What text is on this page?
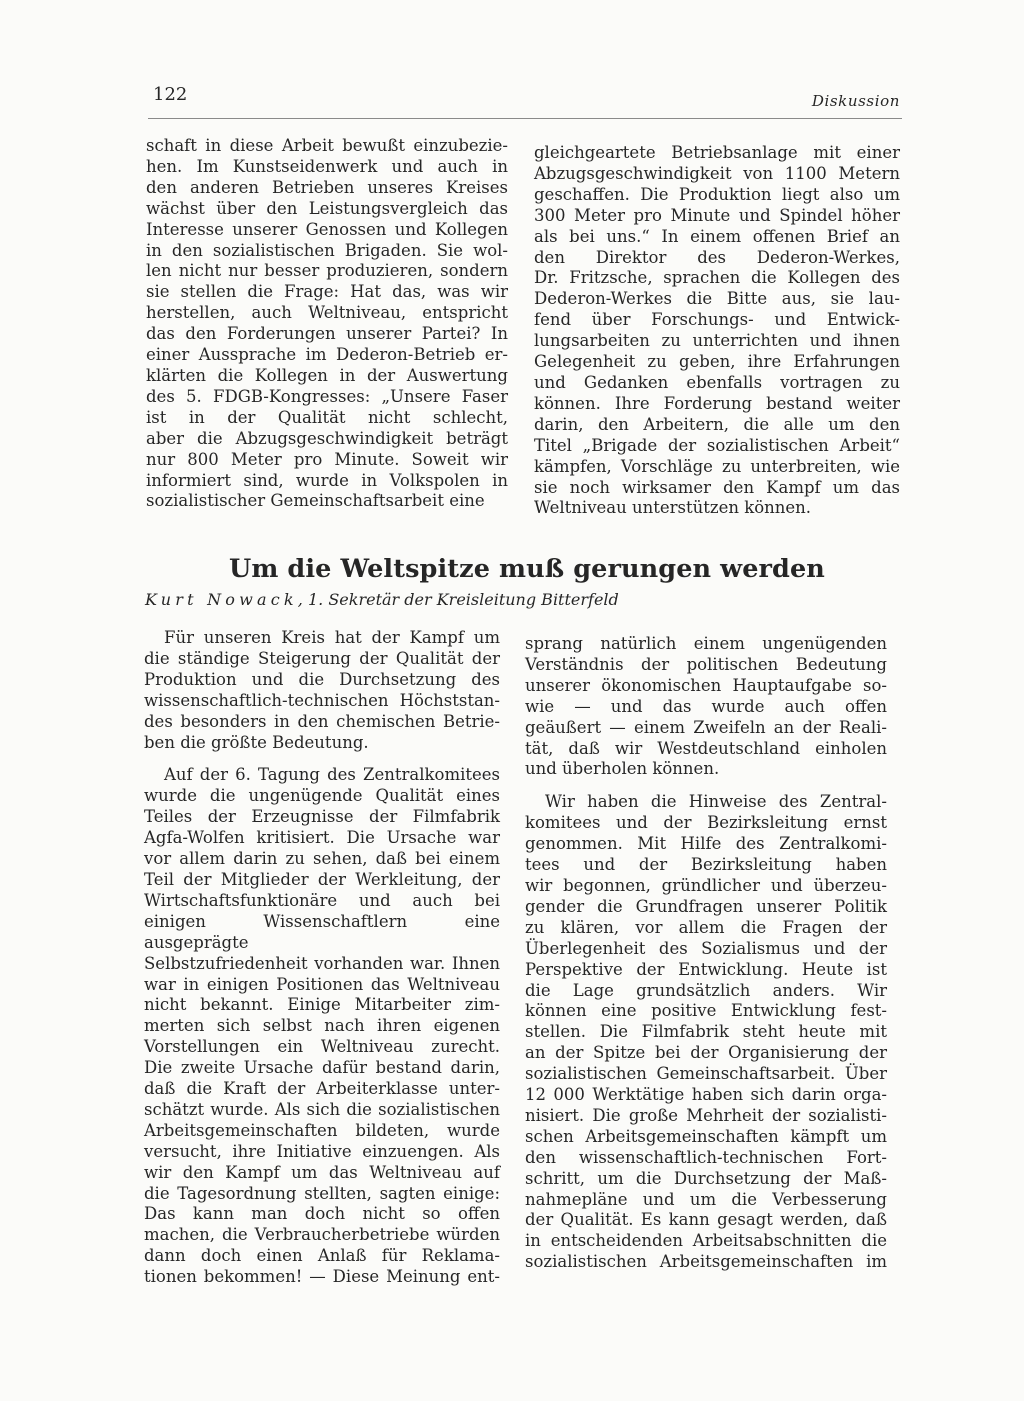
122	Diskussion
schaft in diese Arbeit bewußt einzubezie-
hen. Im Kunstseidenwerk und auch in
den anderen Betrieben unseres Kreises
wächst über den Leistungsvergleich das
Interesse unserer Genossen und Kollegen
in den sozialistischen Brigaden. Sie wol-
len nicht nur besser produzieren, sondern
sie stellen die Frage: Hat das, was wir
herstellen, auch Weltniveau, entspricht
das den Forderungen unserer Partei? In
einer Aussprache im Dederon-Betrieb er-
klärten die Kollegen in der Auswertung
des 5. FDGB-Kongresses: „Unsere Faser
ist in der Qualität nicht schlecht,
aber die Abzugsgeschwindigkeit beträgt
nur 800 Meter pro Minute. Soweit wir
informiert sind, wurde in Volkspolen in
sozialistischer Gemeinschaftsarbeit eine
gleichgeartete Betriebsanlage mit einer
Abzugsgeschwindigkeit von 1100 Metern
geschaffen. Die Produktion liegt also um
300 Meter pro Minute und Spindel höher
als bei uns.“ In einem offenen Brief an
den Direktor des Dederon-Werkes,
Dr. Fritzsche, sprachen die Kollegen des
Dederon-Werkes die Bitte aus, sie lau-
fend über Forschungs- und Entwick-
lungsarbeiten zu unterrichten und ihnen
Gelegenheit zu geben, ihre Erfahrungen
und Gedanken ebenfalls vortragen zu
können. Ihre Forderung bestand weiter
darin, den Arbeitern, die alle um den
Titel „Brigade der sozialistischen Arbeit“
kämpfen, Vorschläge zu unterbreiten, wie
sie noch wirksamer den Kampf um das
Weltniveau unterstützen können.
Um die Weltspitze muß gerungen werden
Kurt Nowack, 1. Sekretär der Kreisleitung Bitterfeld
Für unseren Kreis hat der Kampf um
die ständige Steigerung der Qualität der
Produktion und die Durchsetzung des
wissenschaftlich-technischen Höchststan-
des besonders in den chemischen Betrie-
ben die größte Bedeutung.
Auf der 6. Tagung des Zentralkomitees
wurde die ungenügende Qualität eines
Teiles der Erzeugnisse der Filmfabrik
Agfa-Wolfen kritisiert. Die Ursache war
vor allem darin zu sehen, daß bei einem
Teil der Mitglieder der Werkleitung, der
Wirtschaftsfunktionäre und auch bei
einigen Wissenschaftlern eine ausgeprägte
Selbstzufriedenheit vorhanden war. Ihnen
war in einigen Positionen das Weltniveau
nicht bekannt. Einige Mitarbeiter zim-
merten sich selbst nach ihren eigenen
Vorstellungen ein Weltniveau zurecht.
Die zweite Ursache dafür bestand darin,
daß die Kraft der Arbeiterklasse unter-
schätzt wurde. Als sich die sozialistischen
Arbeitsgemeinschaften bildeten, wurde
versucht, ihre Initiative einzuengen. Als
wir den Kampf um das Weltniveau auf
die Tagesordnung stellten, sagten einige:
Das kann man doch nicht so offen
machen, die Verbraucherbetriebe würden
dann doch einen Anlaß für Reklama-
tionen bekommen! — Diese Meinung ent-
sprang natürlich einem ungenügenden
Verständnis der politischen Bedeutung
unserer ökonomischen Hauptaufgabe so-
wie — und das wurde auch offen
geäußert — einem Zweifeln an der Reali-
tät, daß wir Westdeutschland einholen
und überholen können.
Wir haben die Hinweise des Zentral-
komitees und der Bezirksleitung ernst
genommen. Mit Hilfe des Zentralkomi-
tees und der Bezirksleitung haben
wir begonnen, gründlicher und überzeu-
gender die Grundfragen unserer Politik
zu klären, vor allem die Fragen der
Überlegenheit des Sozialismus und der
Perspektive der Entwicklung. Heute ist
die Lage grundsätzlich anders. Wir
können eine positive Entwicklung fest-
stellen. Die Filmfabrik steht heute mit
an der Spitze bei der Organisierung der
sozialistischen Gemeinschaftsarbeit. Über
12 000 Werktätige haben sich darin orga-
nisiert. Die große Mehrheit der sozialisti-
schen Arbeitsgemeinschaften kämpft um
den wissenschaftlich-technischen Fort-
schritt, um die Durchsetzung der Maß-
nahmepläne und um die Verbesserung
der Qualität. Es kann gesagt werden, daß
in entscheidenden Arbeitsabschnitten die
sozialistischen Arbeitsgemeinschaften im
